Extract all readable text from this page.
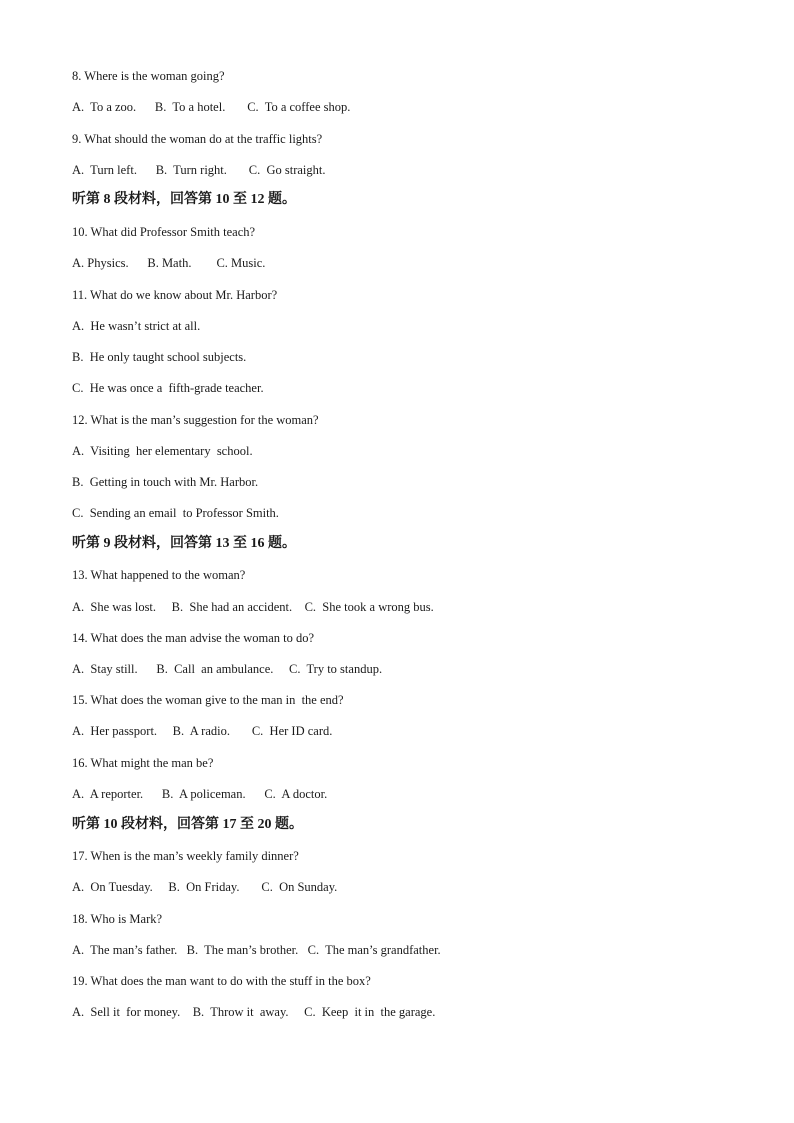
8. Where is the woman going?
A.  To a zoo.      B.  To a hotel.       C.  To a coffee shop.
9. What should the woman do at the traffic lights?
A.  Turn left.      B.  Turn right.       C.  Go straight.
听第 8 段材料，回答第 10 至 12 题。
10. What did Professor Smith teach?
A. Physics.      B. Math.        C. Music.
11. What do we know about Mr. Harbor?
A.  He wasn’t strict at all.
B.  He only taught school subjects.
C.  He was once a  fifth-grade teacher.
12. What is the man’s suggestion for the woman?
A.  Visiting  her elementary  school.
B.  Getting in touch with Mr. Harbor.
C.  Sending an email  to Professor Smith.
听第 9 段材料，回答第 13 至 16 题。
13. What happened to the woman?
A.  She was lost.     B.  She had an accident.    C.  She took a wrong bus.
14. What does the man advise the woman to do?
A.  Stay still.      B.  Call  an ambulance.     C.  Try to standup.
15. What does the woman give to the man in  the end?
A.  Her passport.     B.  A radio.       C.  Her ID card.
16. What might the man be?
A.  A reporter.      B.  A policeman.      C.  A doctor.
听第 10 段材料，回答第 17 至 20 题。
17. When is the man’s weekly family dinner?
A.  On Tuesday.     B.  On Friday.       C.  On Sunday.
18. Who is Mark?
A.  The man’s father.   B.  The man’s brother.   C.  The man’s grandfather.
19. What does the man want to do with the stuff in the box?
A.  Sell it  for money.    B.  Throw it  away.     C.  Keep  it in  the garage.
